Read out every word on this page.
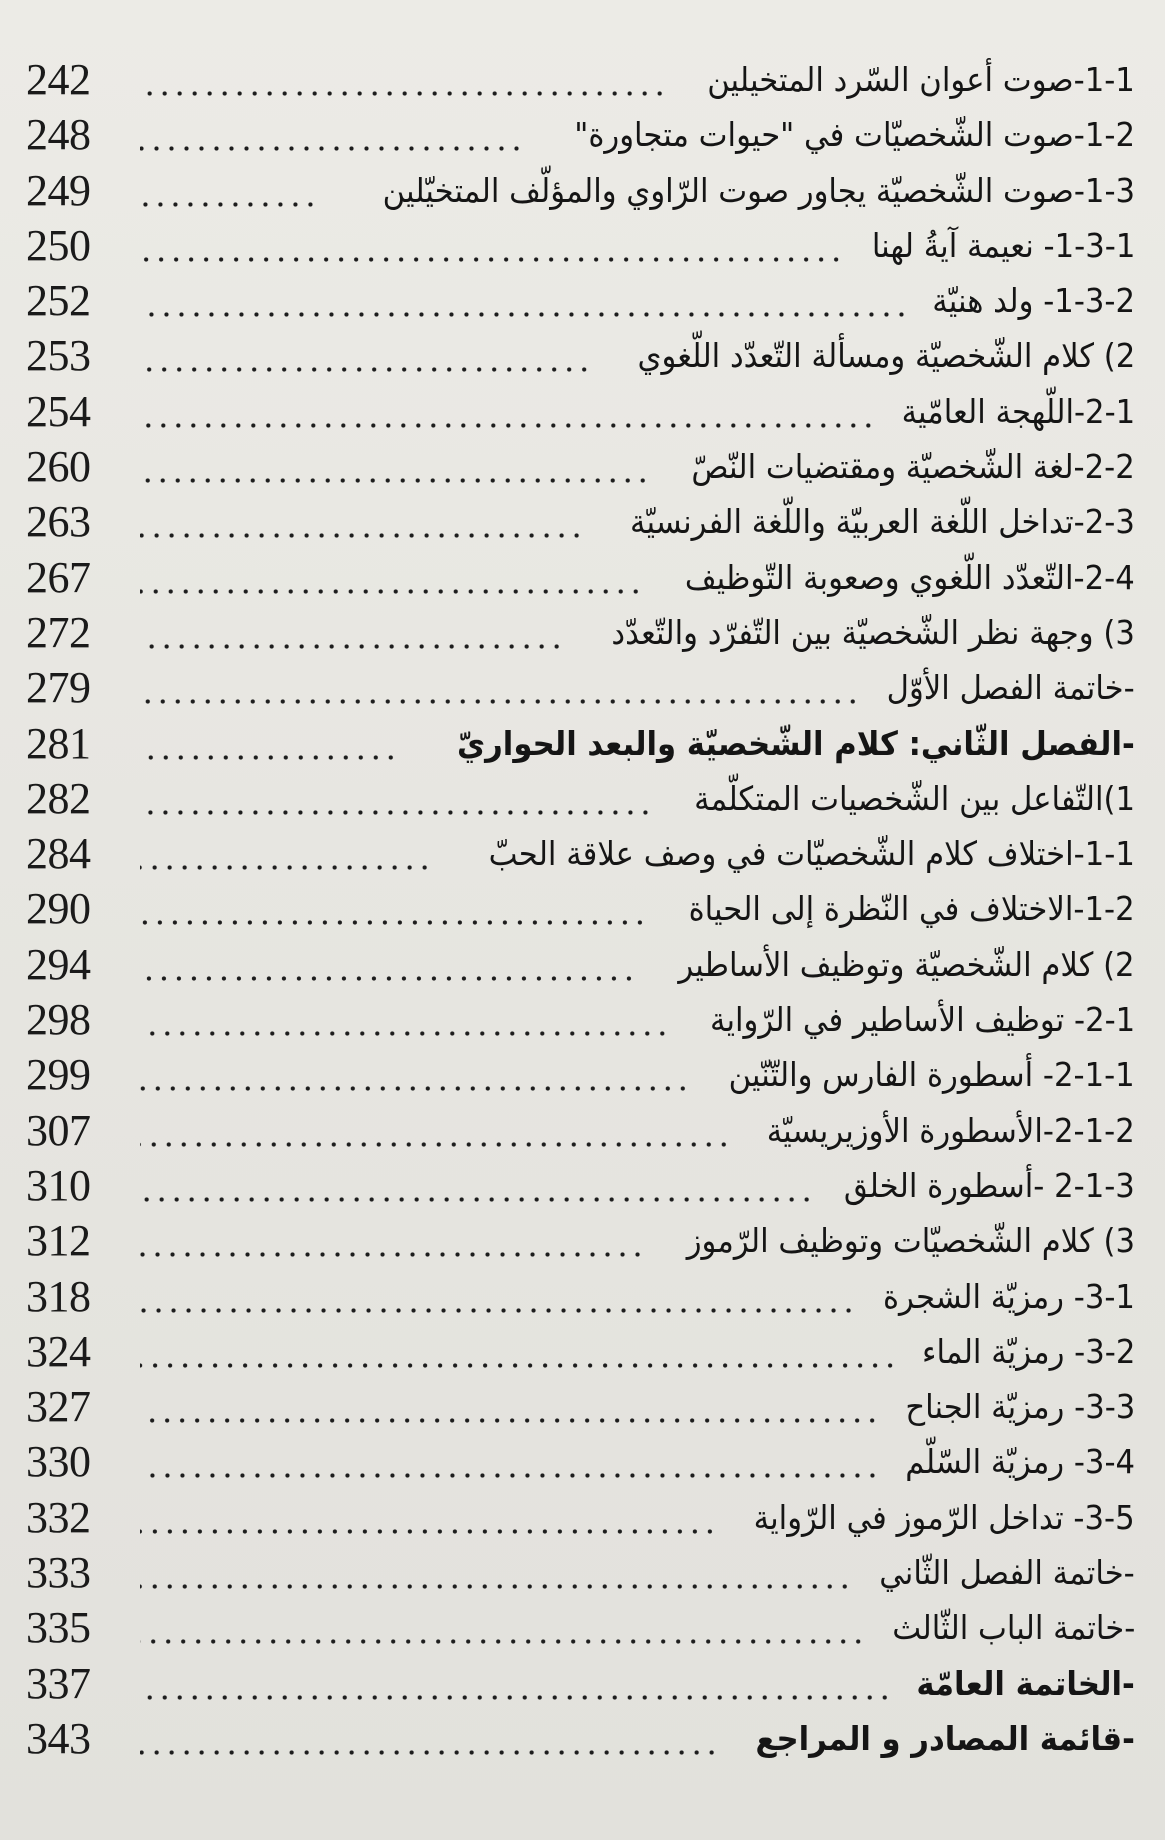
242	1-1-صوت أعوان السّرد المتخيلين
248	1-2-صوت الشّخصيّات في "حيوات متجاورة"
249	1-3-صوت الشّخصيّة يجاور صوت الرّاوي والمؤلّف المتخيّلين
250	1-3-1- نعيمة آيةُ لهنا
252	1-3-2- ولد هنيّة
253	2) كلام الشّخصيّة ومسألة التّعدّد اللّغوي
254	2-1-اللّهجة العامّية
260	2-2-لغة الشّخصيّة ومقتضيات النّصّ
263	2-3-تداخل اللّغة العربيّة واللّغة الفرنسيّة
267	2-4-التّعدّد اللّغوي وصعوبة التّوظيف
272	3) وجهة نظر الشّخصيّة بين التّفرّد والتّعدّد
279	-خاتمة الفصل الأوّل
281	-الفصل الثّاني: كلام الشّخصيّة والبعد الحواريّ
282	1)التّفاعل بين الشّخصيات المتكلّمة
284	1-1-اختلاف كلام الشّخصيّات في وصف علاقة الحبّ
290	1-2-الاختلاف في النّظرة إلى الحياة
294	2) كلام الشّخصيّة وتوظيف الأساطير
298	2-1- توظيف الأساطير في الرّواية
299	2-1-1- أسطورة الفارس والتّنّين
307	2-1-2-الأسطورة الأوزيريسيّة
310	2-1-3 -أسطورة الخلق
312	3) كلام الشّخصيّات وتوظيف الرّموز
318	3-1- رمزيّة الشجرة
324	3-2- رمزيّة الماء
327	3-3- رمزيّة الجناح
330	3-4- رمزيّة السّلّم
332	3-5- تداخل الرّموز في الرّواية
333	-خاتمة الفصل الثّاني
335	-خاتمة الباب الثّالث
337	-الخاتمة العامّة
343	-قائمة المصادر و المراجع
